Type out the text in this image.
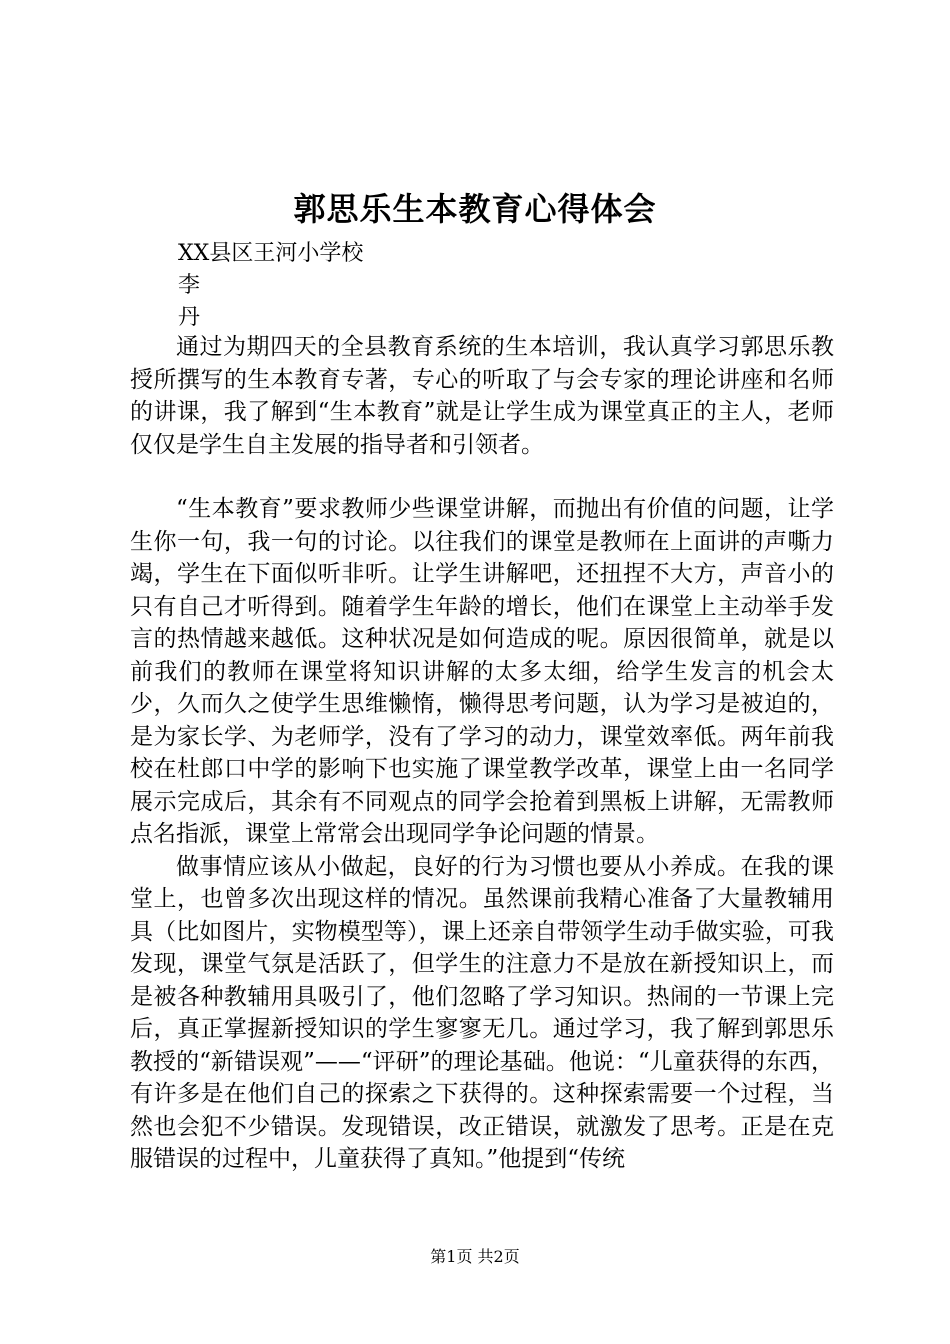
郭思乐生本教育心得体会
XX县区王河小学校
李
丹

通过为期四天的全县教育系统的生本培训，我认真学习郭思乐教授所撰写的生本教育专著，专心的听取了与会专家的理论讲座和名师的讲课，我了解到“生本教育”就是让学生成为课堂真正的主人，老师仅仅是学生自主发展的指导者和引领者。

“生本教育”要求教师少些课堂讲解，而抛出有价值的问题，让学生你一句，我一句的讨论。以往我们的课堂是教师在上面讲的声嘶力竭，学生在下面似听非听。让学生讲解吧，还扭捏不大方，声音小的只有自己才听得到。随着学生年龄的增长，他们在课堂上主动举手发言的热情越来越低。这种状况是如何造成的呢。原因很简单，就是以前我们的教师在课堂将知识讲解的太多太细，给学生发言的机会太少，久而久之使学生思维懒惰，懒得思考问题，认为学习是被迫的，是为家长学、为老师学，没有了学习的动力，课堂效率低。两年前我校在杜郎口中学的影响下也实施了课堂教学改革，课堂上由一名同学展示完成后，其余有不同观点的同学会抢着到黑板上讲解，无需教师点名指派，课堂上常常会出现同学争论问题的情景。

做事情应该从小做起，良好的行为习惯也要从小养成。在我的课堂上，也曾多次出现这样的情况。虽然课前我精心准备了大量教辅用具（比如图片，实物模型等），课上还亲自带领学生动手做实验，可我发现，课堂气氛是活跃了，但学生的注意力不是放在新授知识上，而是被各种教辅用具吸引了，他们忽略了学习知识。热闹的一节课上完后，真正掌握新授知识的学生寥寥无几。通过学习，我了解到郭思乐教授的“新错误观”——“评研”的理论基础。他说：“儿童获得的东西，有许多是在他们自己的探索之下获得的。这种探索需要一个过程，当然也会犯不少错误。发现错误，改正错误，就激发了思考。正是在克服错误的过程中，儿童获得了真知。”他提到“传统

第1页 共2页
